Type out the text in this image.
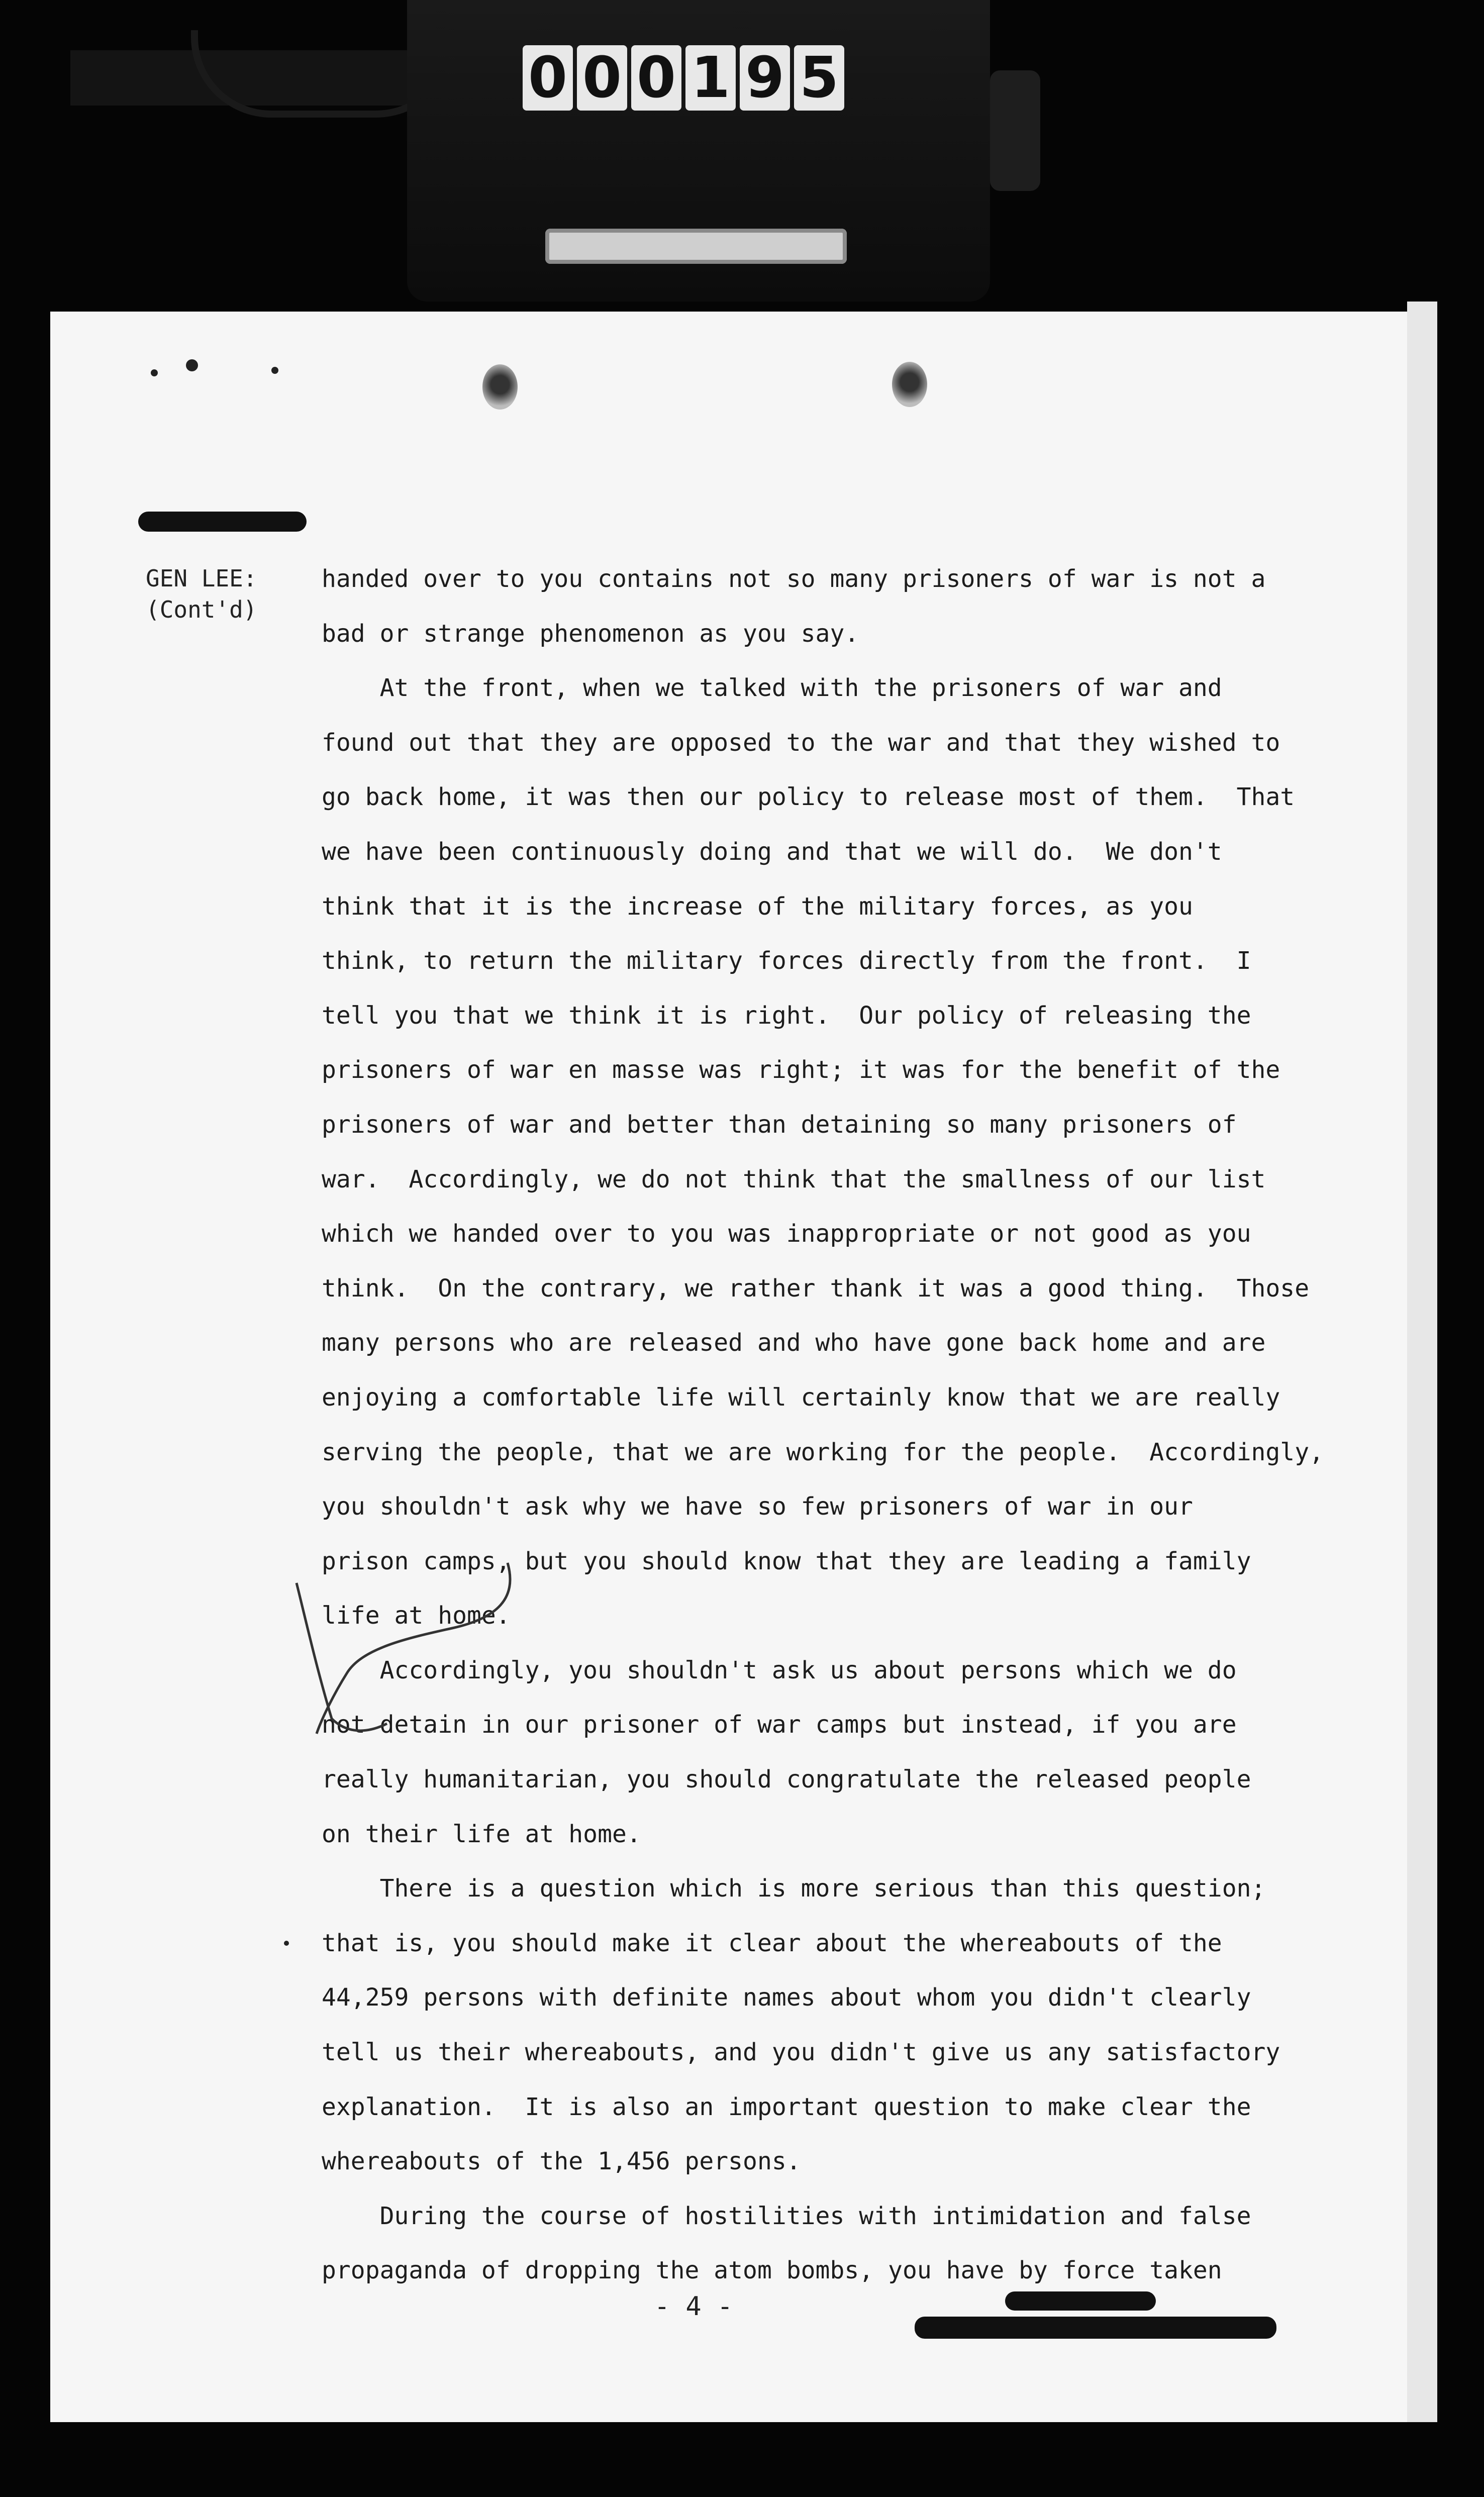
0 0 0 1 9 5
GEN LEE:
(Cont'd)
handed over to you contains not so many prisoners of war is not a
bad or strange phenomenon as you say.
At the front, when we talked with the prisoners of war and
found out that they are opposed to the war and that they wished to
go back home, it was then our policy to release most of them.  That
we have been continuously doing and that we will do.  We don't
think that it is the increase of the military forces, as you
think, to return the military forces directly from the front.  I
tell you that we think it is right.  Our policy of releasing the
prisoners of war en masse was right; it was for the benefit of the
prisoners of war and better than detaining so many prisoners of
war.  Accordingly, we do not think that the smallness of our list
which we handed over to you was inappropriate or not good as you
think.  On the contrary, we rather thank it was a good thing.  Those
many persons who are released and who have gone back home and are
enjoying a comfortable life will certainly know that we are really
serving the people, that we are working for the people.  Accordingly,
you shouldn't ask why we have so few prisoners of war in our
prison camps, but you should know that they are leading a family
life at home.
Accordingly, you shouldn't ask us about persons which we do
not detain in our prisoner of war camps but instead, if you are
really humanitarian, you should congratulate the released people
on their life at home.
There is a question which is more serious than this question;
that is, you should make it clear about the whereabouts of the
44,259 persons with definite names about whom you didn't clearly
tell us their whereabouts, and you didn't give us any satisfactory
explanation.  It is also an important question to make clear the
whereabouts of the 1,456 persons.
During the course of hostilities with intimidation and false
propaganda of dropping the atom bombs, you have by force taken
- 4 -
